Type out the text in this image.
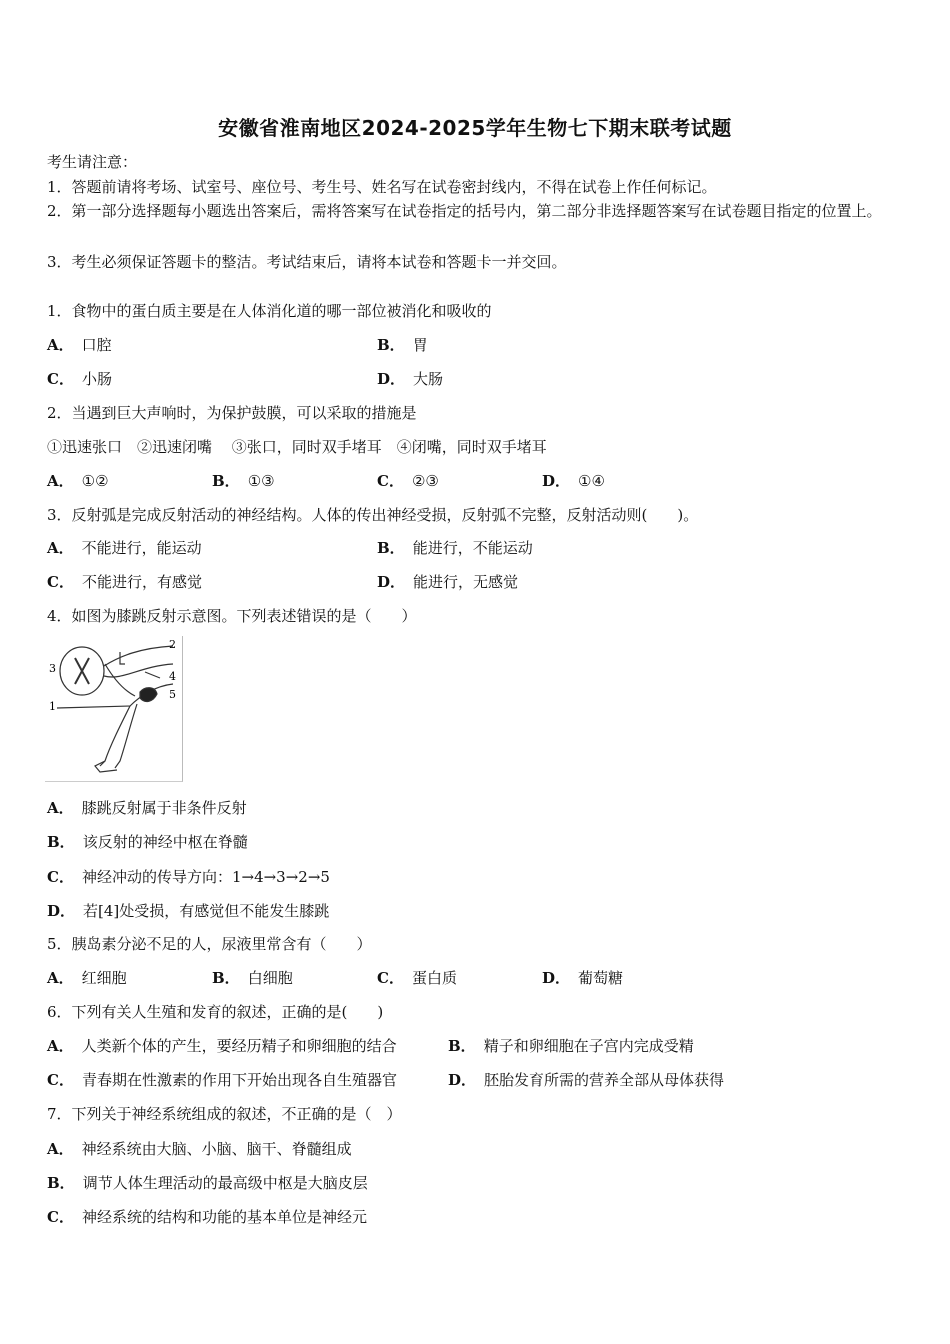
安徽省淮南地区2024-2025学年生物七下期末联考试题
考生请注意：
1．答题前请将考场、试室号、座位号、考生号、姓名写在试卷密封线内，不得在试卷上作任何标记。
2．第一部分选择题每小题选出答案后，需将答案写在试卷指定的括号内，第二部分非选择题答案写在试卷题目指定的位置上。
3．考生必须保证答题卡的整洁。考试结束后，请将本试卷和答题卡一并交回。
1．食物中的蛋白质主要是在人体消化道的哪一部位被消化和吸收的
A． 口腔	B． 胃
C． 小肠	D． 大肠
2．当遇到巨大声响时，为保护鼓膜，可以采取的措施是
①迅速张口　②迅速闭嘴　 ③张口，同时双手堵耳　④闭嘴，同时双手堵耳
A． ①②	B． ①③	C． ②③	D． ①④
3．反射弧是完成反射活动的神经结构。人体的传出神经受损，反射弧不完整，反射活动则(　　)。
A． 不能进行，能运动	B． 能进行，不能运动
C． 不能进行，有感觉	D． 能进行，无感觉
4．如图为膝跳反射示意图。下列表述错误的是（　　）
2
3
4
5
1
A． 膝跳反射属于非条件反射
B． 该反射的神经中枢在脊髓
C． 神经冲动的传导方向：1→4→3→2→5
D． 若[4]处受损，有感觉但不能发生膝跳
5．胰岛素分泌不足的人，尿液里常含有（　　）
A． 红细胞	B． 白细胞	C． 蛋白质	D． 葡萄糖
6．下列有关人生殖和发育的叙述，正确的是(　　)
A． 人类新个体的产生，要经历精子和卵细胞的结合	B． 精子和卵细胞在子宫内完成受精
C． 青春期在性激素的作用下开始出现各自生殖器官	D． 胚胎发育所需的营养全部从母体获得
7．下列关于神经系统组成的叙述，不正确的是（　）
A． 神经系统由大脑、小脑、脑干、脊髓组成
B． 调节人体生理活动的最高级中枢是大脑皮层
C． 神经系统的结构和功能的基本单位是神经元
